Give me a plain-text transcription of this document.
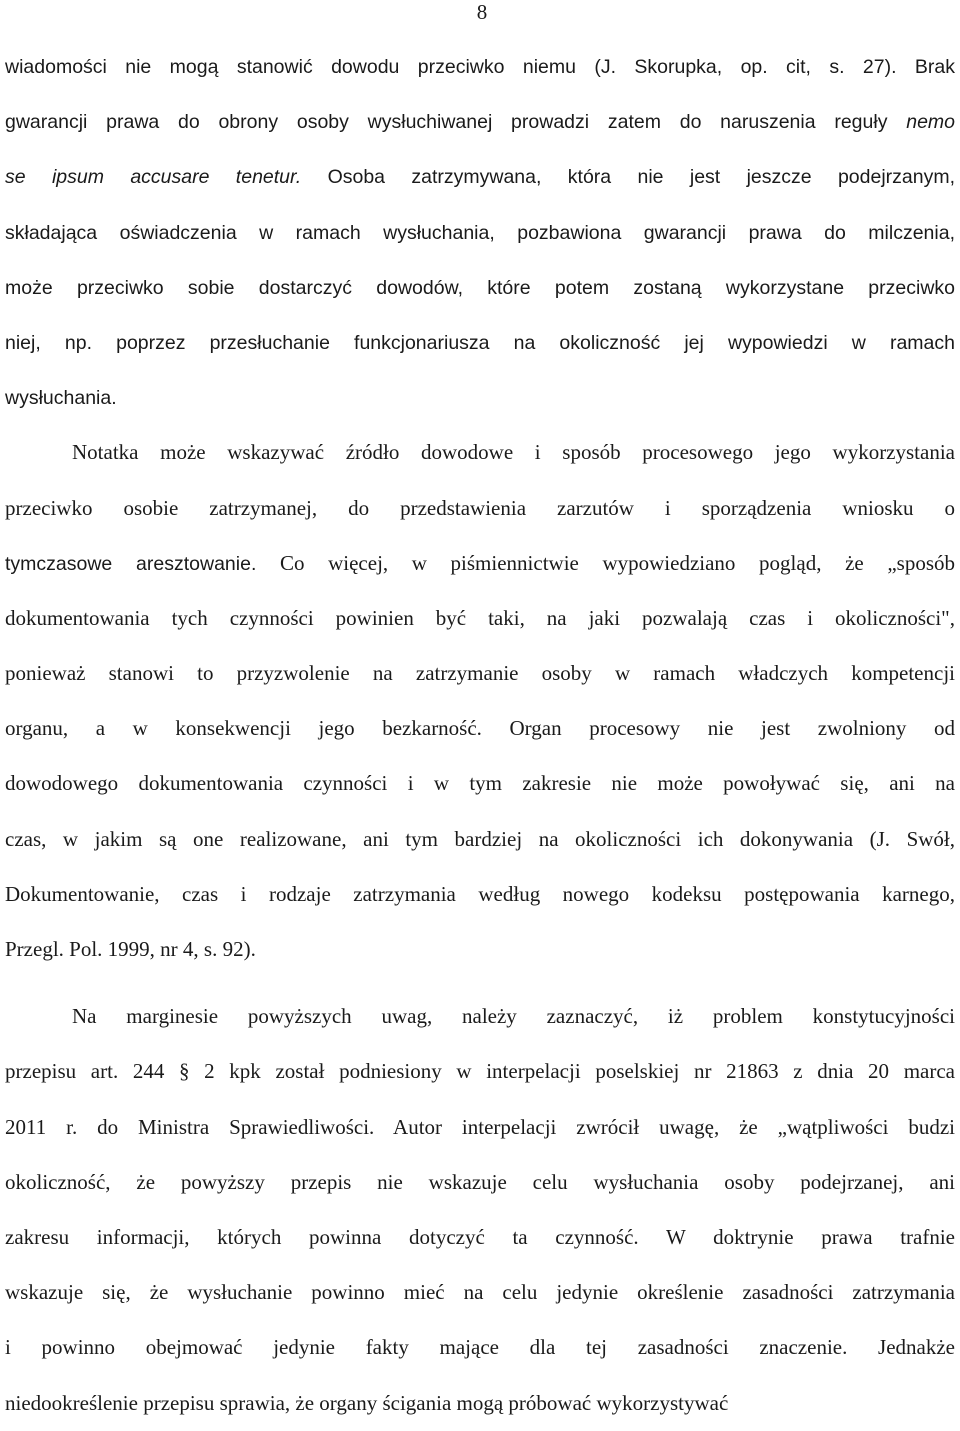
8
wiadomości nie mogą stanowić dowodu przeciwko niemu (J. Skorupka, op. cit, s. 27). Brak
gwarancji prawa do obrony osoby wysłuchiwanej prowadzi zatem do naruszenia reguły nemo
se ipsum accusare tenetur. Osoba zatrzymywana, która nie jest jeszcze podejrzanym,
składająca oświadczenia w ramach wysłuchania, pozbawiona gwarancji prawa do milczenia,
może przeciwko sobie dostarczyć dowodów, które potem zostaną wykorzystane przeciwko
niej, np. poprzez przesłuchanie funkcjonariusza na okoliczność jej wypowiedzi w ramach
wysłuchania.
Notatka może wskazywać źródło dowodowe i sposób procesowego jego wykorzystania
przeciwko osobie zatrzymanej, do przedstawienia zarzutów i sporządzenia wniosku o
tymczasowe aresztowanie. Co więcej, w piśmiennictwie wypowiedziano pogląd, że „sposób
dokumentowania tych czynności powinien być taki, na jaki pozwalają czas i okoliczności",
ponieważ stanowi to przyzwolenie na zatrzymanie osoby w ramach władczych kompetencji
organu, a w konsekwencji jego bezkarność. Organ procesowy nie jest zwolniony od
dowodowego dokumentowania czynności i w tym zakresie nie może powoływać się, ani na
czas, w jakim są one realizowane, ani tym bardziej na okoliczności ich dokonywania (J. Swół,
Dokumentowanie, czas i rodzaje zatrzymania według nowego kodeksu postępowania karnego,
Przegl. Pol. 1999, nr 4, s. 92).
Na marginesie powyższych uwag, należy zaznaczyć, iż problem konstytucyjności
przepisu art. 244 § 2 kpk został podniesiony w interpelacji poselskiej nr 21863 z dnia 20 marca
2011 r. do Ministra Sprawiedliwości. Autor interpelacji zwrócił uwagę, że „wątpliwości budzi
okoliczność, że powyższy przepis nie wskazuje celu wysłuchania osoby podejrzanej, ani
zakresu informacji, których powinna dotyczyć ta czynność. W doktrynie prawa trafnie
wskazuje się, że wysłuchanie powinno mieć na celu jedynie określenie zasadności zatrzymania
i powinno obejmować jedynie fakty mające dla tej zasadności znaczenie. Jednakże
niedookreślenie przepisu sprawia, że organy ścigania mogą próbować wykorzystywać
